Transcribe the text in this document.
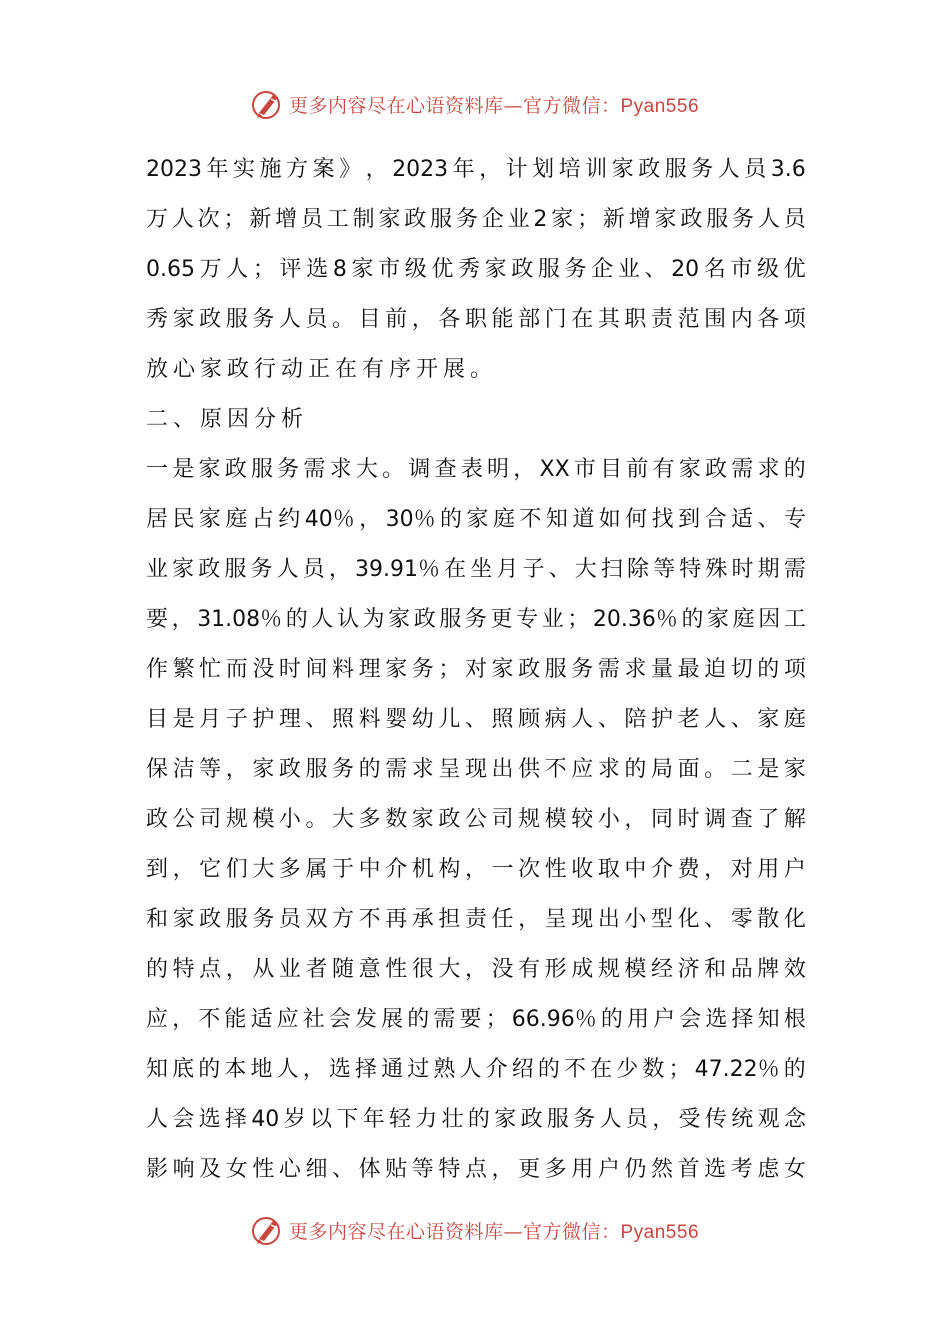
更多内容尽在心语资料库—官方微信：Pyan556
2023 年 实 施 方 案 》 ， 2023 年 ， 计 划 培 训 家 政 服 务 人 员 3.6
万 人 次 ； 新 增 员 工 制 家 政 服 务 企 业 2 家 ； 新 增 家 政 服 务 人 员
0.65 万 人 ； 评 选 8 家 市 级 优 秀 家 政 服 务 企 业 、 20 名 市 级 优
秀 家 政 服 务 人 员 。 目 前 ， 各 职 能 部 门 在 其 职 责 范 围 内 各 项
放心家政行动正在有序开展。
二、原因分析
一 是 家 政 服 务 需 求 大 。 调 查 表 明 ， XX 市 目 前 有 家 政 需 求 的
居 民 家 庭 占 约 40％ ， 30％ 的 家 庭 不 知 道 如 何 找 到 合 适 、 专
业 家 政 服 务 人 员 ， 39.91％ 在 坐 月 子 、 大 扫 除 等 特 殊 时 期 需
要 ， 31.08％ 的 人 认 为 家 政 服 务 更 专 业 ； 20.36％ 的 家 庭 因 工
作 繁 忙 而 没 时 间 料 理 家 务 ； 对 家 政 服 务 需 求 量 最 迫 切 的 项
目 是 月 子 护 理 、 照 料 婴 幼 儿 、 照 顾 病 人 、 陪 护 老 人 、 家 庭
保 洁 等 ， 家 政 服 务 的 需 求 呈 现 出 供 不 应 求 的 局 面 。 二 是 家
政 公 司 规 模 小 。 大 多 数 家 政 公 司 规 模 较 小 ， 同 时 调 查 了 解
到 ， 它 们 大 多 属 于 中 介 机 构 ， 一 次 性 收 取 中 介 费 ， 对 用 户
和 家 政 服 务 员 双 方 不 再 承 担 责 任 ， 呈 现 出 小 型 化 、 零 散 化
的 特 点 ， 从 业 者 随 意 性 很 大 ， 没 有 形 成 规 模 经 济 和 品 牌 效
应 ， 不 能 适 应 社 会 发 展 的 需 要 ； 66.96％ 的 用 户 会 选 择 知 根
知 底 的 本 地 人 ， 选 择 通 过 熟 人 介 绍 的 不 在 少 数 ； 47.22％ 的
人 会 选 择 40 岁 以 下 年 轻 力 壮 的 家 政 服 务 人 员 ， 受 传 统 观 念
影 响 及 女 性 心 细 、 体 贴 等 特 点 ， 更 多 用 户 仍 然 首 选 考 虑 女
更多内容尽在心语资料库—官方微信：Pyan556
